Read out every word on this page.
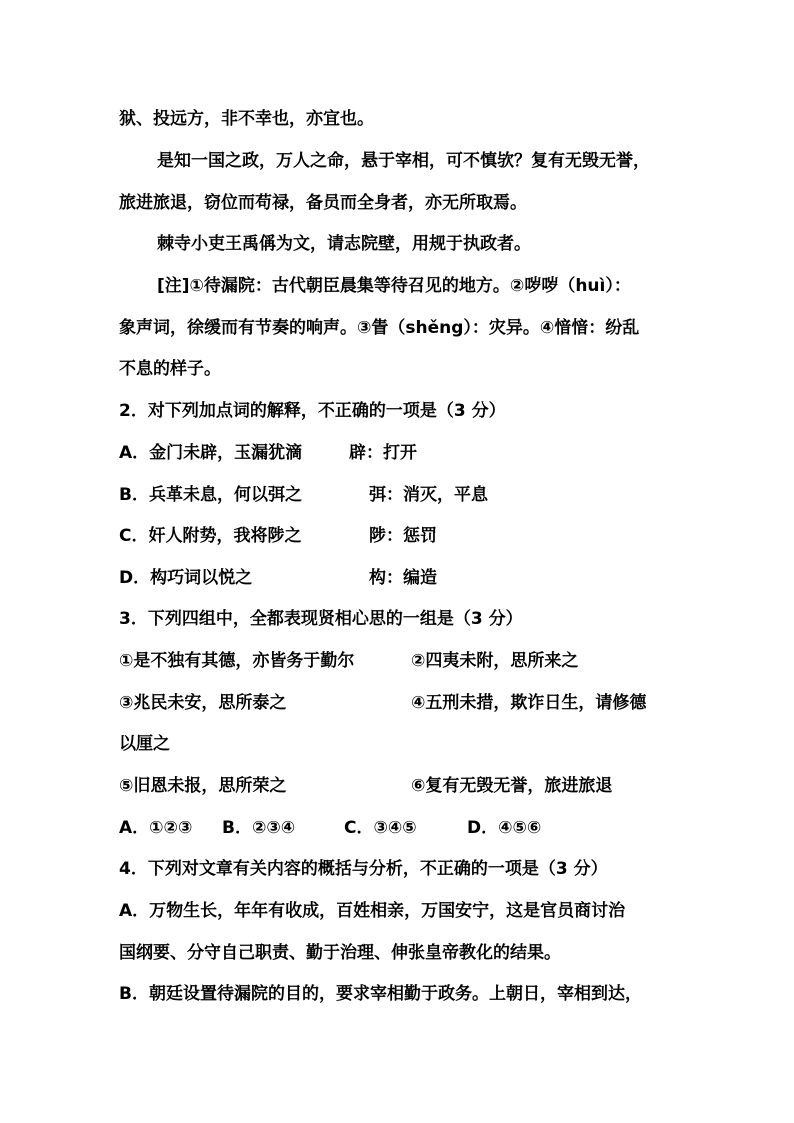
狱、投远方，非不幸也，亦宜也。
是知一国之政，万人之命，悬于宰相，可不慎欤？复有无毁无誉，
旅进旅退，窃位而苟禄，备员而全身者，亦无所取焉。
棘寺小吏王禹偁为文，请志院壁，用规于执政者。
[注]①待漏院：古代朝臣晨集等待召见的地方。②哕哕（huì）：
象声词，徐缓而有节奏的响声。③眚（shěng）：灾异。④愔愔：纷乱
不息的样子。
2．对下列加点词的解释，不正确的一项是（3 分）
A．金门未辟，玉漏犹滴	辟：打开
B．兵革未息，何以弭之	弭：消灭，平息
C．奸人附势，我将陟之	陟：惩罚
D．构巧词以悦之	构：编造
3．下列四组中，全都表现贤相心思的一组是（3 分）
①是不独有其德，亦皆务于勤尔	②四夷未附，思所来之
③兆民未安，思所泰之	④五刑未措，欺诈日生，请修德
以厘之
⑤旧恩未报，思所荣之	⑥复有无毁无誉，旅进旅退
A．①②③ B．②③④	C．③④⑤	D．④⑤⑥
4．下列对文章有关内容的概括与分析，不正确的一项是（3 分）
A．万物生长，年年有收成，百姓相亲，万国安宁，这是官员商讨治
国纲要、分守自己职责、勤于治理、伸张皇帝教化的结果。
B．朝廷设置待漏院的目的，要求宰相勤于政务。上朝日，宰相到达，
